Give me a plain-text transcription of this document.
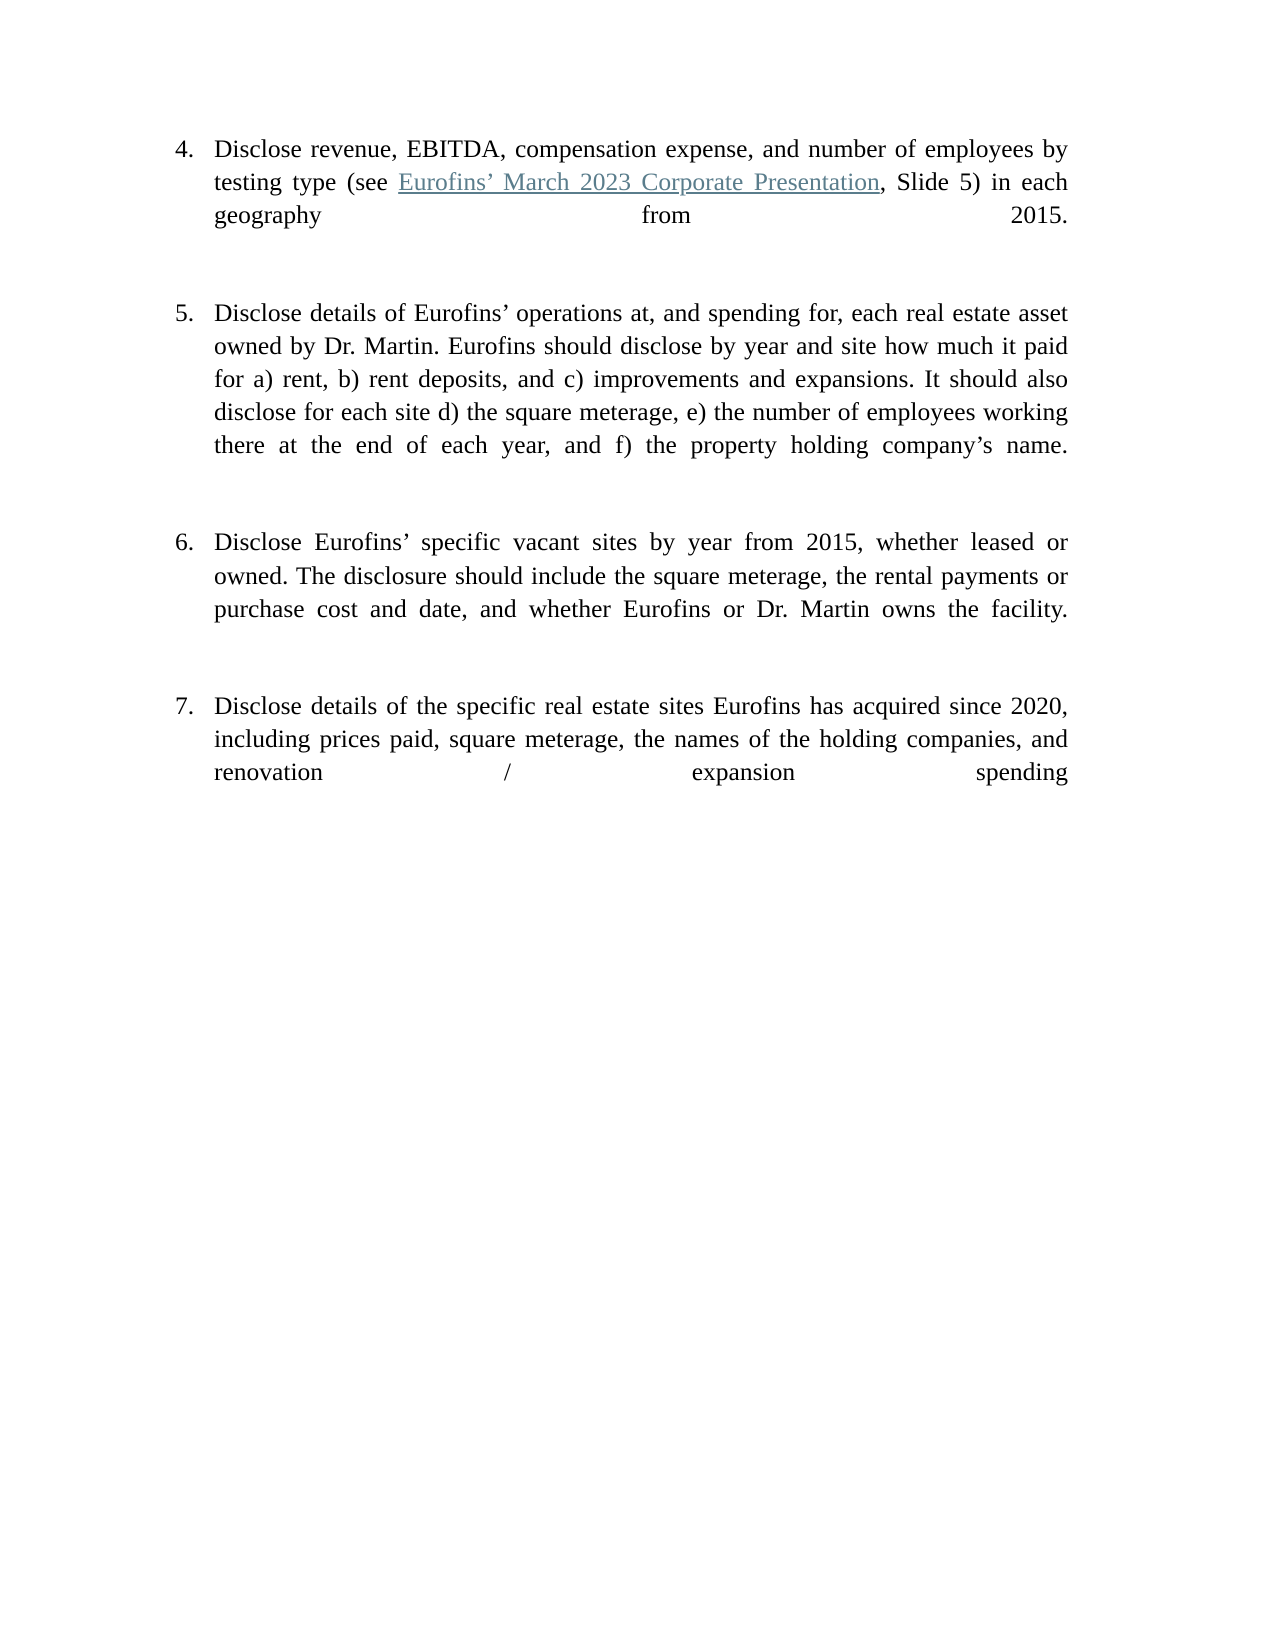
4. Disclose revenue, EBITDA, compensation expense, and number of employees by testing type (see Eurofins’ March 2023 Corporate Presentation, Slide 5) in each geography from 2015.
5. Disclose details of Eurofins’ operations at, and spending for, each real estate asset owned by Dr. Martin. Eurofins should disclose by year and site how much it paid for a) rent, b) rent deposits, and c) improvements and expansions. It should also disclose for each site d) the square meterage, e) the number of employees working there at the end of each year, and f) the property holding company’s name.
6. Disclose Eurofins’ specific vacant sites by year from 2015, whether leased or owned. The disclosure should include the square meterage, the rental payments or purchase cost and date, and whether Eurofins or Dr. Martin owns the facility.
7. Disclose details of the specific real estate sites Eurofins has acquired since 2020, including prices paid, square meterage, the names of the holding companies, and renovation / expansion spending
